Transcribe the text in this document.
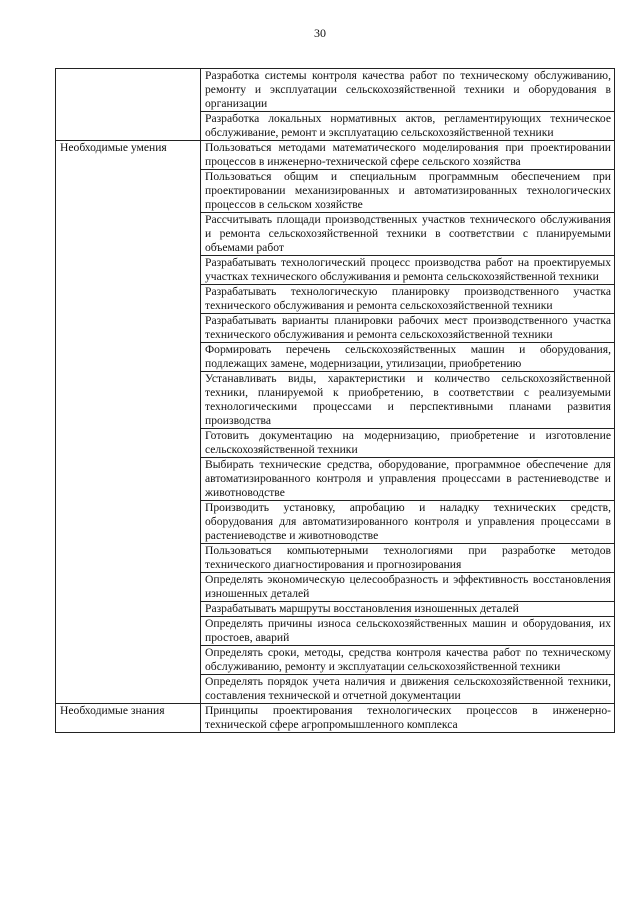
30
	Разработка системы контроля качества работ по техническому обслуживанию, ремонту и эксплуатации сельскохозяйственной техники и оборудования в организации
	Разработка локальных нормативных актов, регламентирующих техническое обслуживание, ремонт и эксплуатацию сельскохозяйственной техники
Необходимые умения	Пользоваться методами математического моделирования при проектировании процессов в инженерно-технической сфере сельского хозяйства
	Пользоваться общим и специальным программным обеспечением при проектировании механизированных и автоматизированных технологических процессов в сельском хозяйстве
	Рассчитывать площади производственных участков технического обслуживания и ремонта сельскохозяйственной техники в соответствии с планируемыми объемами работ
	Разрабатывать технологический процесс производства работ на проектируемых участках технического обслуживания и ремонта сельскохозяйственной техники
	Разрабатывать технологическую планировку производственного участка технического обслуживания и ремонта сельскохозяйственной техники
	Разрабатывать варианты планировки рабочих мест производственного участка технического обслуживания и ремонта сельскохозяйственной техники
	Формировать перечень сельскохозяйственных машин и оборудования, подлежащих замене, модернизации, утилизации, приобретению
	Устанавливать виды, характеристики и количество сельскохозяйственной техники, планируемой к приобретению, в соответствии с реализуемыми технологическими процессами и перспективными планами развития производства
	Готовить документацию на модернизацию, приобретение и изготовление сельскохозяйственной техники
	Выбирать технические средства, оборудование, программное обеспечение для автоматизированного контроля и управления процессами в растениеводстве и животноводстве
	Производить установку, апробацию и наладку технических средств, оборудования для автоматизированного контроля и управления процессами в растениеводстве и животноводстве
	Пользоваться компьютерными технологиями при разработке методов технического диагностирования и прогнозирования
	Определять экономическую целесообразность и эффективность восстановления изношенных деталей
	Разрабатывать маршруты восстановления изношенных деталей
	Определять причины износа сельскохозяйственных машин и оборудования, их простоев, аварий
	Определять сроки, методы, средства контроля качества работ по техническому обслуживанию, ремонту и эксплуатации сельскохозяйственной техники
	Определять порядок учета наличия и движения сельскохозяйственной техники, составления технической и отчетной документации
Необходимые знания	Принципы проектирования технологических процессов в инженерно-технической сфере агропромышленного комплекса
